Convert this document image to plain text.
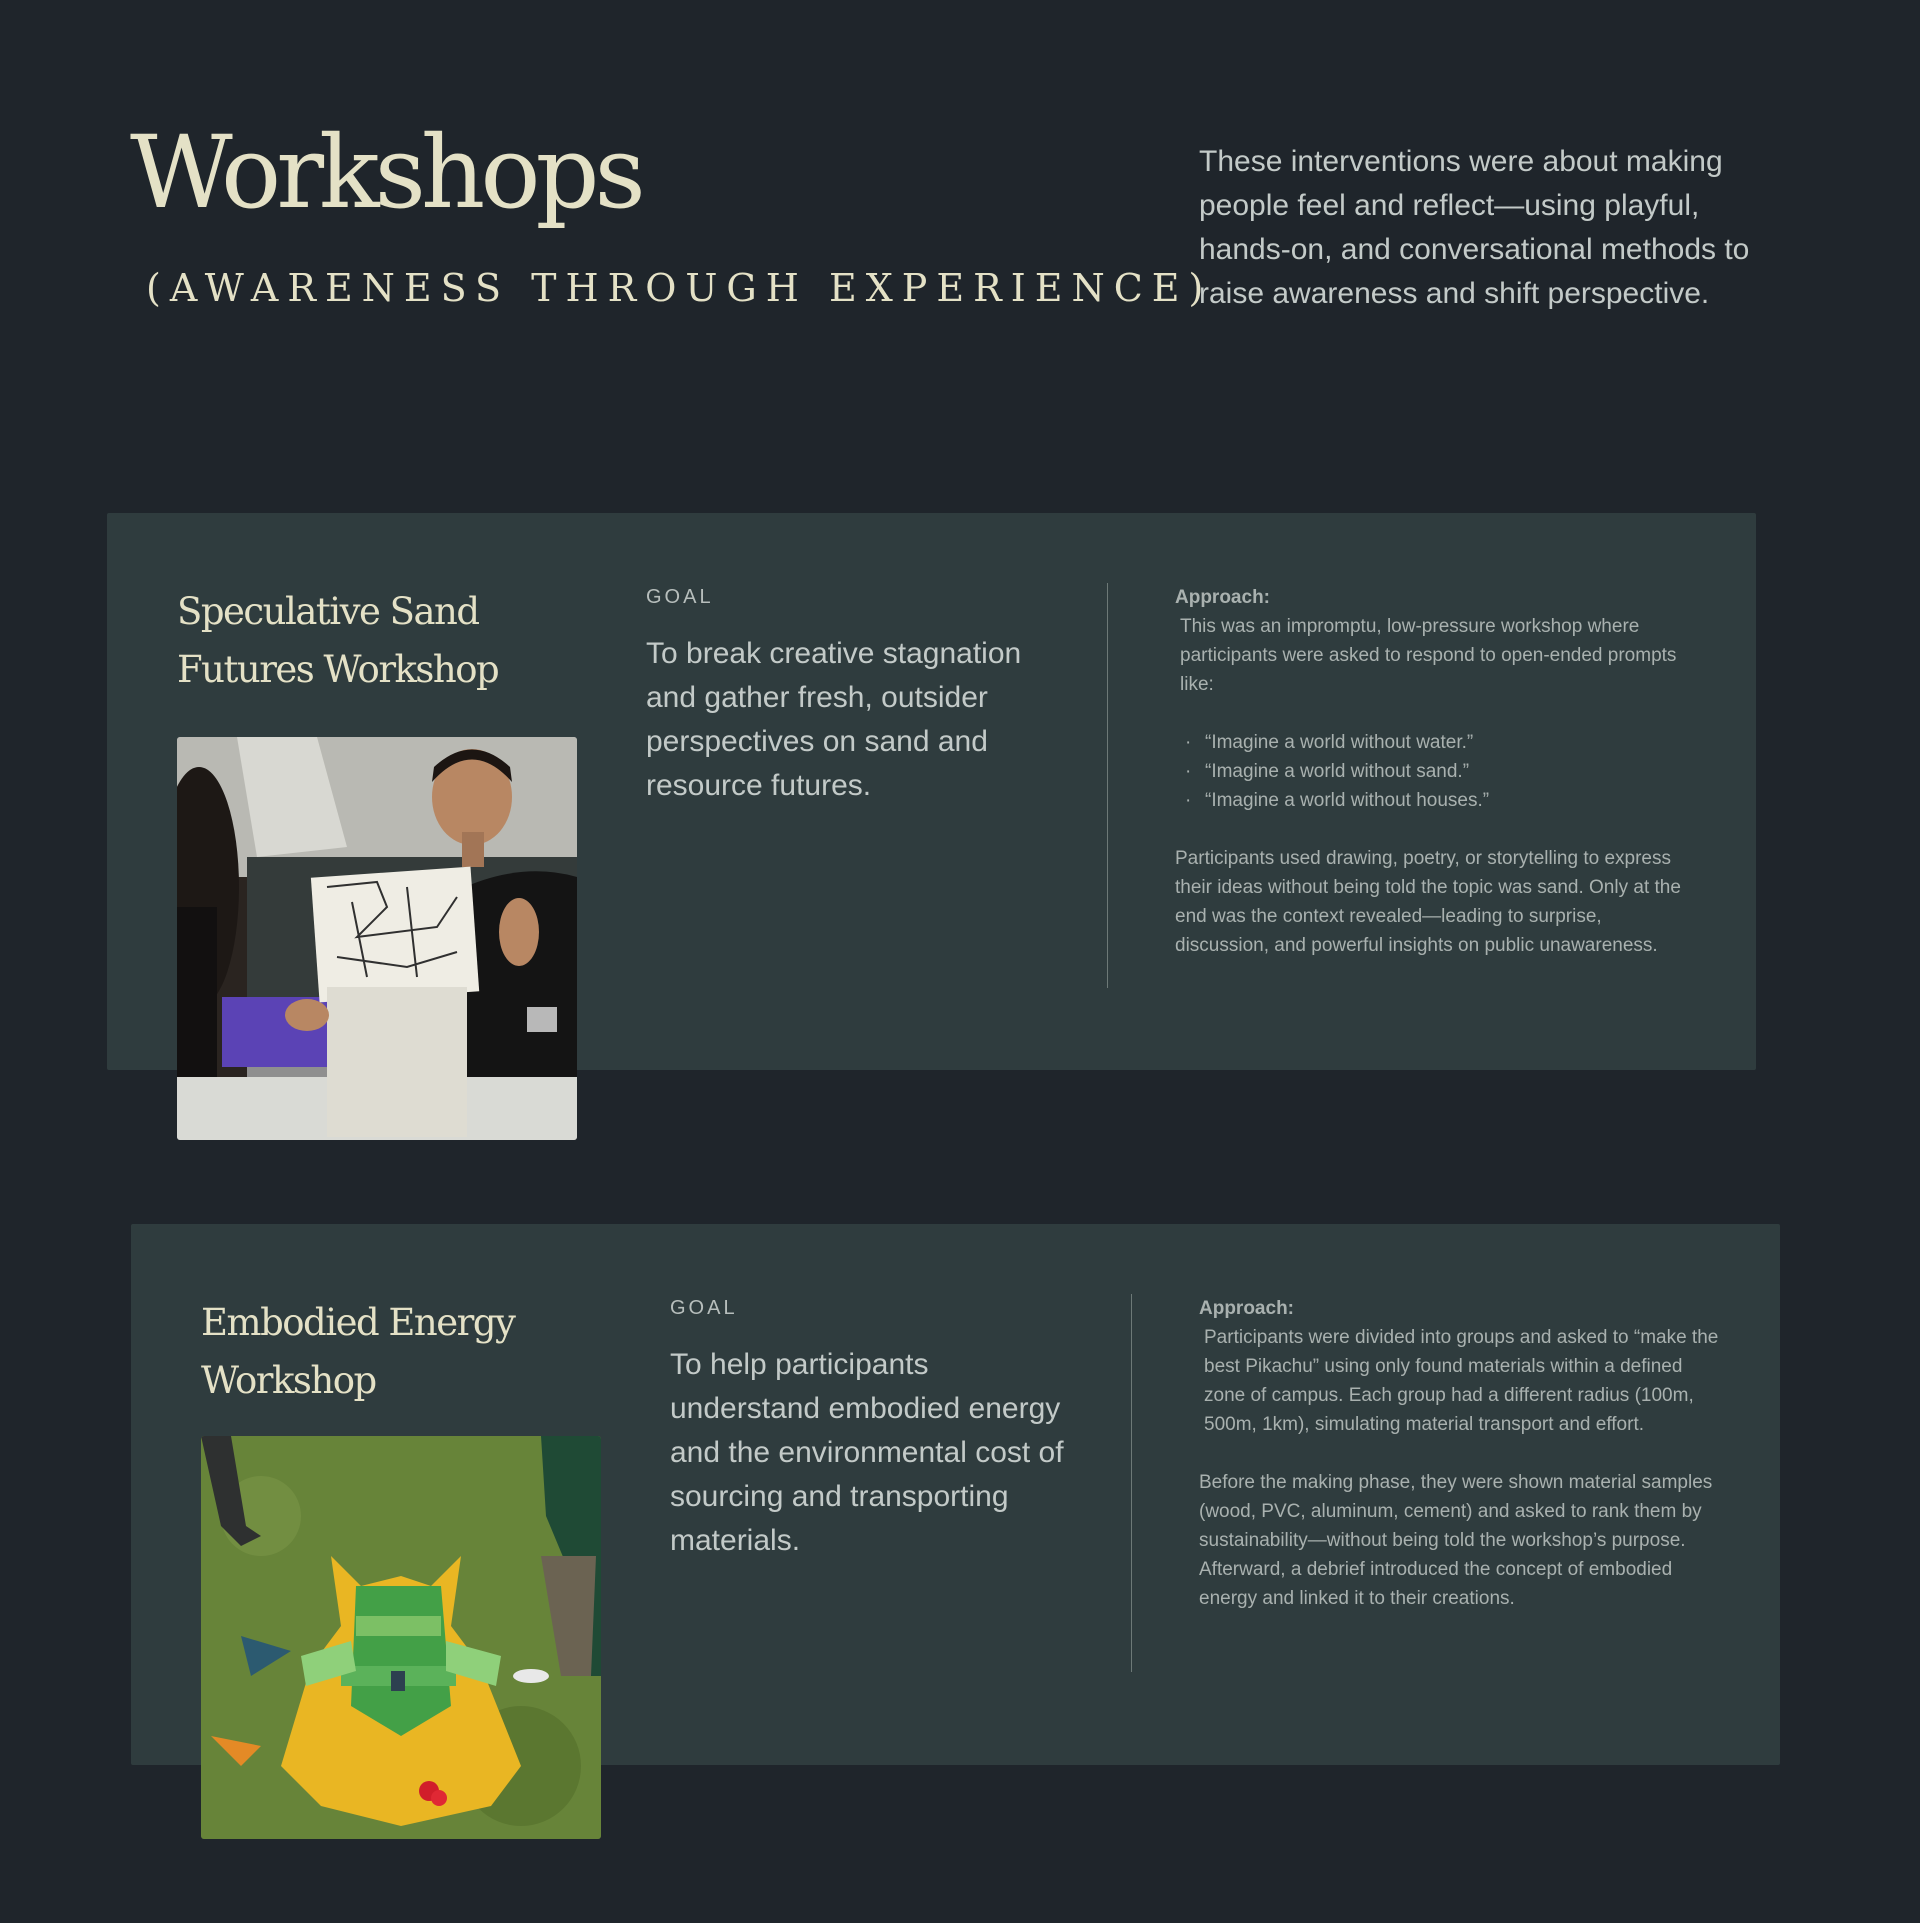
Workshops
(AWARENESS THROUGH EXPERIENCE)

These interventions were about making people feel and reflect—using playful, hands-on, and conversational methods to raise awareness and shift perspective.

Speculative Sand Futures Workshop

GOAL

To break creative stagnation and gather fresh, outsider perspectives on sand and resource futures.

Approach:

This was an impromptu, low-pressure workshop where participants were asked to respond to open-ended prompts like:

· “Imagine a world without water.”
· “Imagine a world without sand.”
· “Imagine a world without houses.”

Participants used drawing, poetry, or storytelling to express their ideas without being told the topic was sand. Only at the end was the context revealed—leading to surprise, discussion, and powerful insights on public unawareness.

Embodied Energy Workshop

GOAL

To help participants understand embodied energy and the environmental cost of sourcing and transporting materials.

Approach:

Participants were divided into groups and asked to “make the best Pikachu” using only found materials within a defined zone of campus. Each group had a different radius (100m, 500m, 1km), simulating material transport and effort.

Before the making phase, they were shown material samples (wood, PVC, aluminum, cement) and asked to rank them by sustainability—without being told the workshop’s purpose. Afterward, a debrief introduced the concept of embodied energy and linked it to their creations.
